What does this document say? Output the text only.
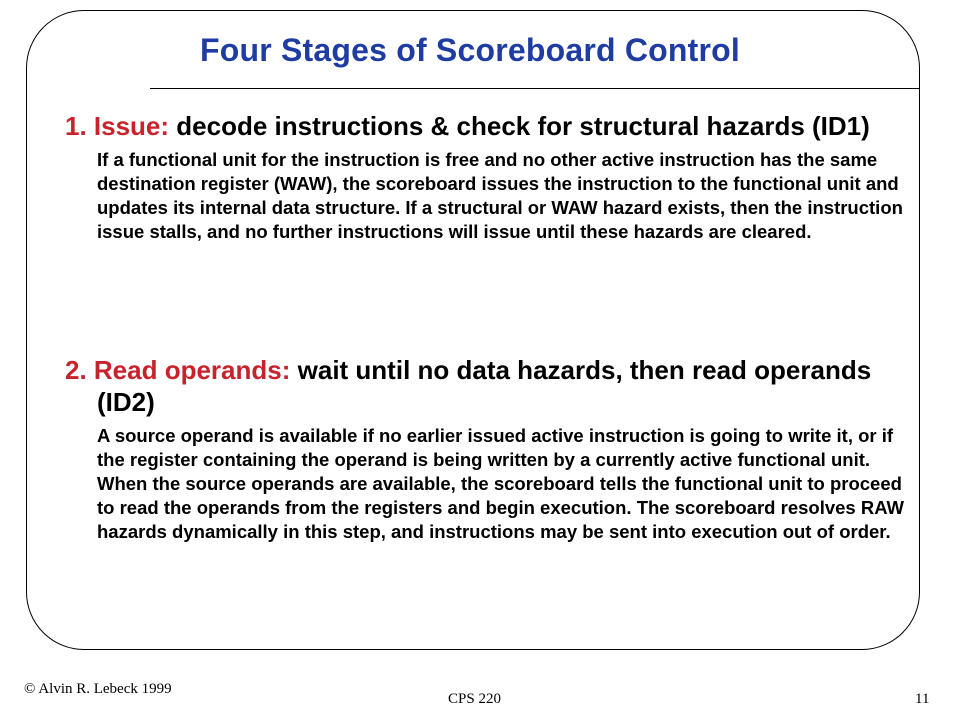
Four Stages of Scoreboard Control

1. Issue: decode instructions & check for structural hazards (ID1)

If a functional unit for the instruction is free and no other active instruction has the same destination register (WAW), the scoreboard issues the instruction to the functional unit and updates its internal data structure. If a structural or WAW hazard exists, then the instruction issue stalls, and no further instructions will issue until these hazards are cleared.

2. Read operands: wait until no data hazards, then read operands (ID2)

A source operand is available if no earlier issued active instruction is going to write it, or if the register containing the operand is being written by a currently active functional unit. When the source operands are available, the scoreboard tells the functional unit to proceed to read the operands from the registers and begin execution. The scoreboard resolves RAW hazards dynamically in this step, and instructions may be sent into execution out of order.
© Alvin R. Lebeck 1999
CPS 220	11
